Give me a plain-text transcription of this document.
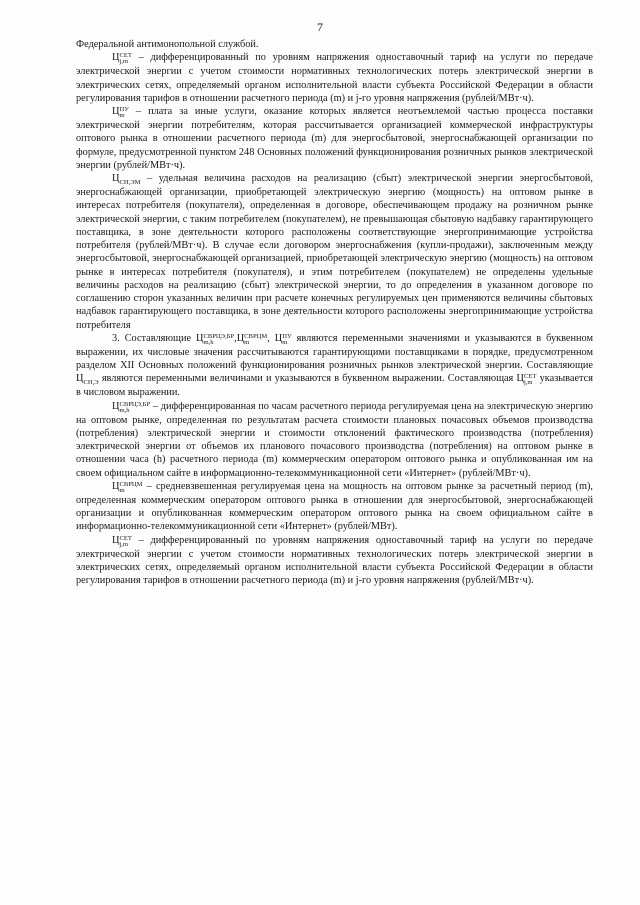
7

Федеральной антимонопольной службой.

Ц СЕТ
j,m – дифференцированный по уровням напряжения одноставочный тариф на услуги по передаче электрической энергии с учетом стоимости нормативных технологических потерь электрической энергии в электрических сетях, определяемый органом исполнительной власти субъекта Российской Федерации в области регулирования тарифов в отношении расчетного периода (m) и j-го уровня напряжения (рублей/МВт·ч).

Ц ПУ
m – плата за иные услуги, оказание которых является неотъемлемой частью процесса поставки электрической энергии потребителям, которая рассчитывается организацией коммерческой инфраструктуры оптового рынка в отношении расчетного периода (m) для энергосбытовой, энергоснабжающей организации по формуле, предусмотренной пунктом 248 Основных положений функционирования розничных рынков электрической энергии (рублей/МВт·ч).

Ц СН,ЭМ – удельная величина расходов на реализацию (сбыт) электрической энергии энергосбытовой, энергоснабжающей организации, приобретающей электрическую энергию (мощность) на оптовом рынке в интересах потребителя (покупателя), определенная в договоре, обеспечивающем продажу на розничном рынке электрической энергии, с таким потребителем (покупателем), не превышающая сбытовую надбавку гарантирующего поставщика, в зоне деятельности которого расположены соответствующие энергопринимающие устройства потребителя (рублей/МВт·ч). В случае если договором энергоснабжения (купли-продажи), заключенным между энергосбытовой, энергоснабжающей организацией, приобретающей электрическую энергию (мощность) на оптовом рынке в интересах потребителя (покупателя), и этим потребителем (покупателем) не определены удельные величины расходов на реализацию (сбыт) электрической энергии, то до определения в указанном договоре по соглашению сторон указанных величин при расчете конечных регулируемых цен применяются величины сбытовых надбавок гарантирующего поставщика, в зоне деятельности которого расположены энергопринимающие устройства потребителя

3. Составляющие Ц СВРЦЭ,БР
m,h	,Ц СВРЦМ
m	, Ц ПУ
m являются переменными значениями и указываются в буквенном выражении, их числовые значения рассчитываются гарантирующими поставщиками в порядке, предусмотренном разделом XII Основных положений функционирования розничных рынков электрической энергии. Составляющие Ц СН,Э являются переменными величинами и указываются в буквенном выражении. Составляющая Ц СЕТ
j,m указывается в числовом выражении.

Ц СВРЦЭ,БР
m,h	– дифференцированная по часам расчетного периода регулируемая цена на электрическую энергию на оптовом рынке, определенная по результатам расчета стоимости плановых почасовых объемов производства (потребления) электрической энергии и стоимости отклонений фактического производства (потребления) электрической энергии от объемов их планового почасового производства (потребления) на оптовом рынке в отношении часа (h) расчетного периода (m) коммерческим оператором оптового рынка и опубликованная им на своем официальном сайте в информационно-телекоммуникационной сети «Интернет» (рублей/МВт·ч).

Ц СВРЦМ
m	– средневзвешенная регулируемая цена на мощность на оптовом рынке за расчетный период (m), определенная коммерческим оператором оптового рынка в отношении для энергосбытовой, энергоснабжающей организации и опубликованная коммерческим оператором оптового рынка на своем официальном сайте в информационно-телекоммуникационной сети «Интернет» (рублей/МВт).

Ц СЕТ
j,m – дифференцированный по уровням напряжения одноставочный тариф на услуги по передаче электрической энергии с учетом стоимости нормативных технологических потерь электрической энергии в электрических сетях, определяемый органом исполнительной власти субъекта Российской Федерации в области регулирования тарифов в отношении расчетного периода (m) и j-го уровня напряжения (рублей/МВт·ч).
